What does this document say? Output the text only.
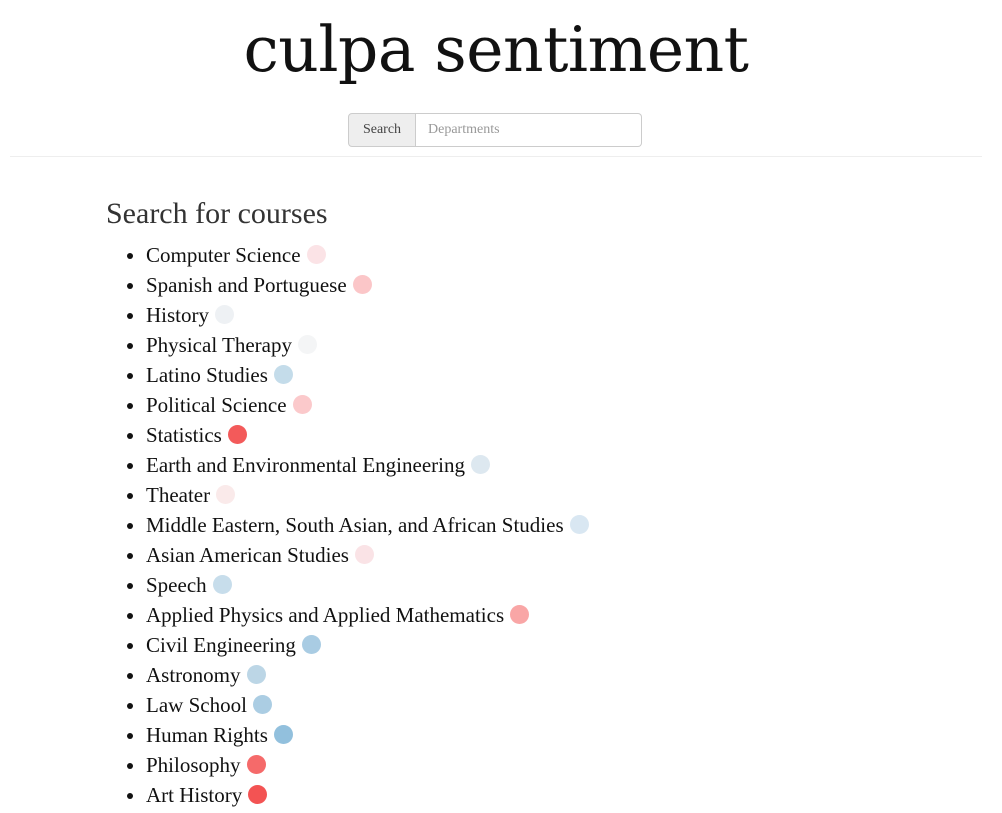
culpa sentiment
Search
Departments
Search for courses
• Computer Science
• Spanish and Portuguese
• History
• Physical Therapy
• Latino Studies
• Political Science
• Statistics
• Earth and Environmental Engineering
• Theater
• Middle Eastern, South Asian, and African Studies
• Asian American Studies
• Speech
• Applied Physics and Applied Mathematics
• Civil Engineering
• Astronomy
• Law School
• Human Rights
• Philosophy
• Art History
